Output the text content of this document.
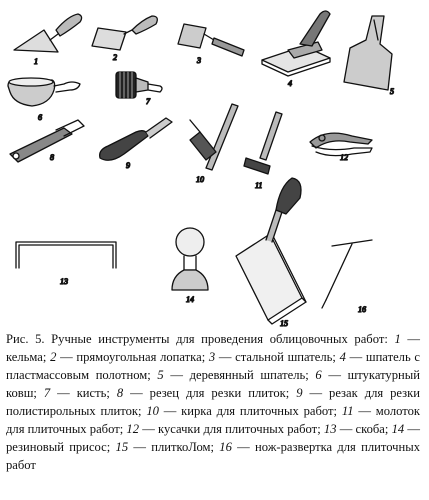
1	2	3
4
5
6
7
8
9
10
11
12
13
14
15
16
Рис. 5. Ручные инструменты для проведения облицовочных работ: 1 — кельма; 2 — прямоугольная лопатка; 3 — стальной шпатель; 4 — шпатель с пластмассовым полотном; 5 — деревянный шпатель; 6 — штукатурный ковш; 7 — кисть; 8 — резец для резки плиток; 9 — резак для резки полистирольных плиток; 10 — кирка для плиточных работ; 11 — молоток для плиточных работ; 12 — кусачки для плиточных работ; 13 — скоба; 14 — резиновый присос; 15 — плиткоЛом; 16 — нож-развертка для плиточных работ
